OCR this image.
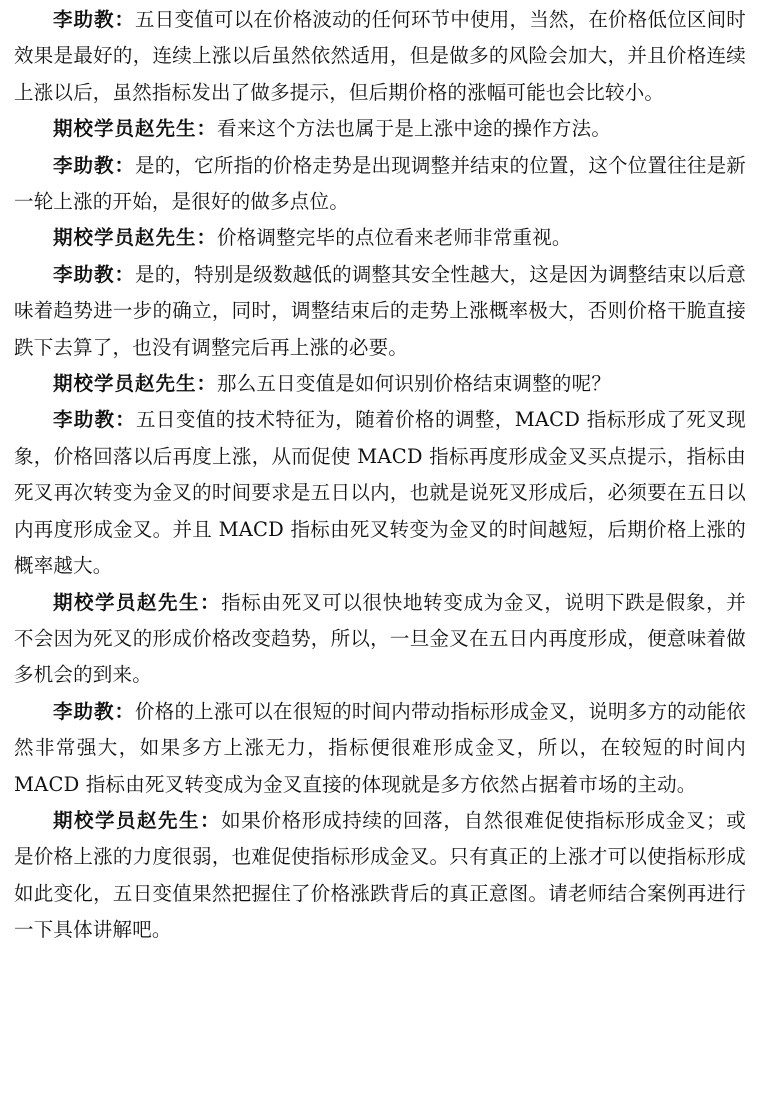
李助教：五日变值可以在价格波动的任何环节中使用，当然，在价格低位区间时效果是最好的，连续上涨以后虽然依然适用，但是做多的风险会加大，并且价格连续上涨以后，虽然指标发出了做多提示，但后期价格的涨幅可能也会比较小。

期校学员赵先生：看来这个方法也属于是上涨中途的操作方法。

李助教：是的，它所指的价格走势是出现调整并结束的位置，这个位置往往是新一轮上涨的开始，是很好的做多点位。

期校学员赵先生：价格调整完毕的点位看来老师非常重视。

李助教：是的，特别是级数越低的调整其安全性越大，这是因为调整结束以后意味着趋势进一步的确立，同时，调整结束后的走势上涨概率极大，否则价格干脆直接跌下去算了，也没有调整完后再上涨的必要。

期校学员赵先生：那么五日变值是如何识别价格结束调整的呢？

李助教：五日变值的技术特征为，随着价格的调整，MACD 指标形成了死叉现象，价格回落以后再度上涨，从而促使 MACD 指标再度形成金叉买点提示，指标由死叉再次转变为金叉的时间要求是五日以内，也就是说死叉形成后，必须要在五日以内再度形成金叉。并且 MACD 指标由死叉转变为金叉的时间越短，后期价格上涨的概率越大。

期校学员赵先生：指标由死叉可以很快地转变成为金叉，说明下跌是假象，并不会因为死叉的形成价格改变趋势，所以，一旦金叉在五日内再度形成，便意味着做多机会的到来。

李助教：价格的上涨可以在很短的时间内带动指标形成金叉，说明多方的动能依然非常强大，如果多方上涨无力，指标便很难形成金叉，所以，在较短的时间内 MACD 指标由死叉转变成为金叉直接的体现就是多方依然占据着市场的主动。

期校学员赵先生：如果价格形成持续的回落，自然很难促使指标形成金叉；或是价格上涨的力度很弱，也难促使指标形成金叉。只有真正的上涨才可以使指标形成如此变化，五日变值果然把握住了价格涨跌背后的真正意图。请老师结合案例再进行一下具体讲解吧。
